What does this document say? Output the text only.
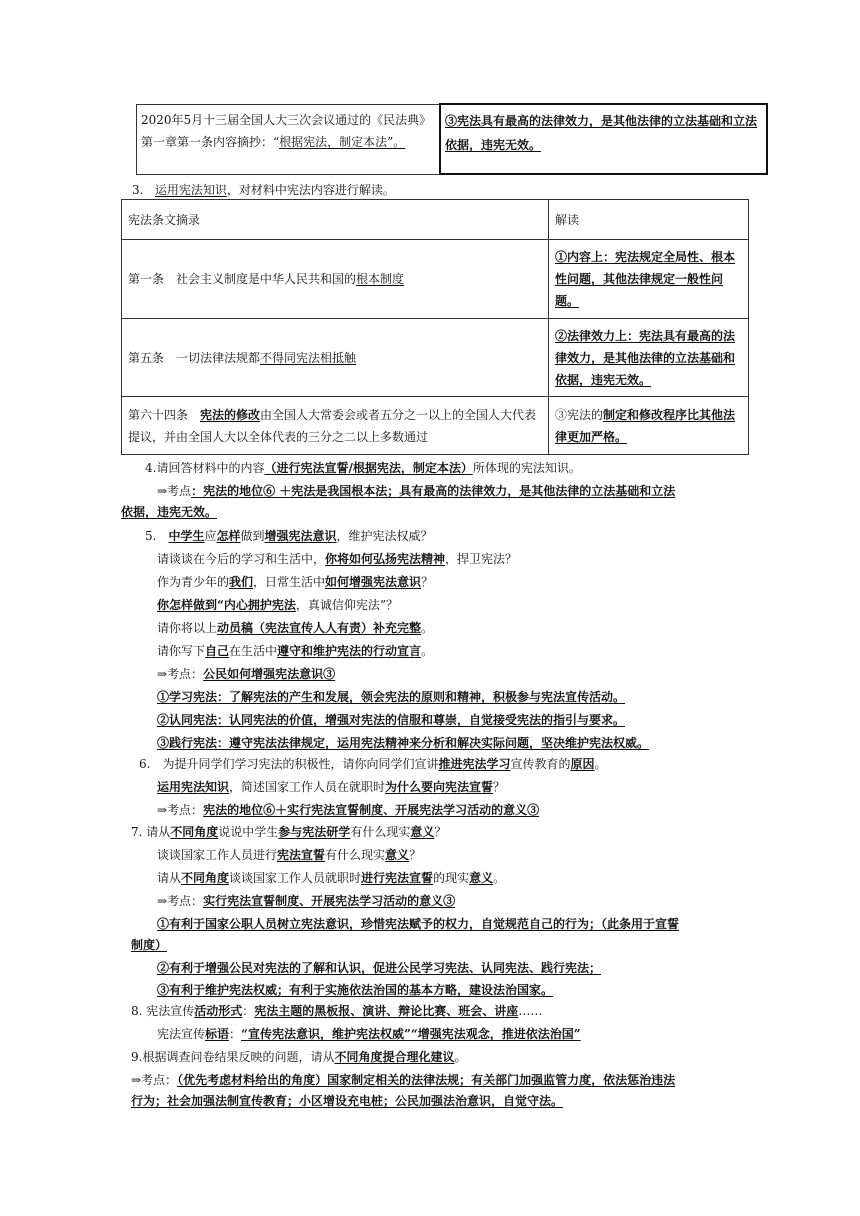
2020年5月十三届全国人大三次会议通过的《民法典》
第一章第一条内容摘抄：“根据宪法，制定本法”。	③宪法具有最高的法律效力，是其他法律的立法基础和立法依据，违宪无效。
3. 运用宪法知识，对材料中宪法内容进行解读。
宪法条文摘录	解读
第一条　社会主义制度是中华人民共和国的根本制度	①内容上：宪法规定全局性、根本性问题，其他法律规定一般性问题。
第五条　一切法律法规都不得同宪法相抵触	②法律效力上：宪法具有最高的法律效力，是其他法律的立法基础和依据，违宪无效。
第六十四条　宪法的修改由全国人大常委会或者五分之一以上的全国人大代表提议，并由全国人大以全体代表的三分之二以上多数通过	③宪法的制定和修改程序比其他法律更加严格。
4.请回答材料中的内容（进行宪法宣誓/根据宪法，制定本法）所体现的宪法知识。
⇒考点：宪法的地位⑥ ＋宪法是我国根本法；具有最高的法律效力，是其他法律的立法基础和立法
依据，违宪无效。
5.　中学生应怎样做到增强宪法意识，维护宪法权威？
请谈谈在今后的学习和生活中，你将如何弘扬宪法精神，捍卫宪法？
作为青少年的我们，日常生活中如何增强宪法意识？
你怎样做到“内心拥护宪法，真诚信仰宪法”？
请你将以上动员稿（宪法宣传人人有责）补充完整。
请你写下自己在生活中遵守和维护宪法的行动宣言。
⇒考点：公民如何增强宪法意识③
①学习宪法：了解宪法的产生和发展，领会宪法的原则和精神，积极参与宪法宣传活动。
②认同宪法：认同宪法的价值，增强对宪法的信服和尊崇，自觉接受宪法的指引与要求。
③践行宪法：遵守宪法法律规定，运用宪法精神来分析和解决实际问题，坚决维护宪法权威。
6.　为提升同学们学习宪法的积极性，请你向同学们宣讲推进宪法学习宣传教育的原因。
运用宪法知识，简述国家工作人员在就职时为什么要向宪法宣誓？
⇒考点：宪法的地位⑥＋实行宪法宣誓制度、开展宪法学习活动的意义③
7. 请从不同角度说说中学生参与宪法研学有什么现实意义？
谈谈国家工作人员进行宪法宣誓有什么现实意义？
请从不同角度谈谈国家工作人员就职时进行宪法宣誓的现实意义。
⇒考点：实行宪法宣誓制度、开展宪法学习活动的意义③
①有利于国家公职人员树立宪法意识，珍惜宪法赋予的权力，自觉规范自己的行为；（此条用于宣誓
制度）
②有利于增强公民对宪法的了解和认识，促进公民学习宪法、认同宪法、践行宪法；
③有利于维护宪法权威；有利于实施依法治国的基本方略，建设法治国家。
8. 宪法宣传活动形式：宪法主题的黑板报、演讲、辩论比赛、班会、讲座……
宪法宣传标语：“宣传宪法意识，维护宪法权威”“增强宪法观念，推进依法治国”
9.根据调查问卷结果反映的问题，请从不同角度提合理化建议。
⇒考点：（优先考虑材料给出的角度）国家制定相关的法律法规；有关部门加强监管力度，依法惩治违法
行为；社会加强法制宣传教育；小区增设充电桩；公民加强法治意识，自觉守法。
